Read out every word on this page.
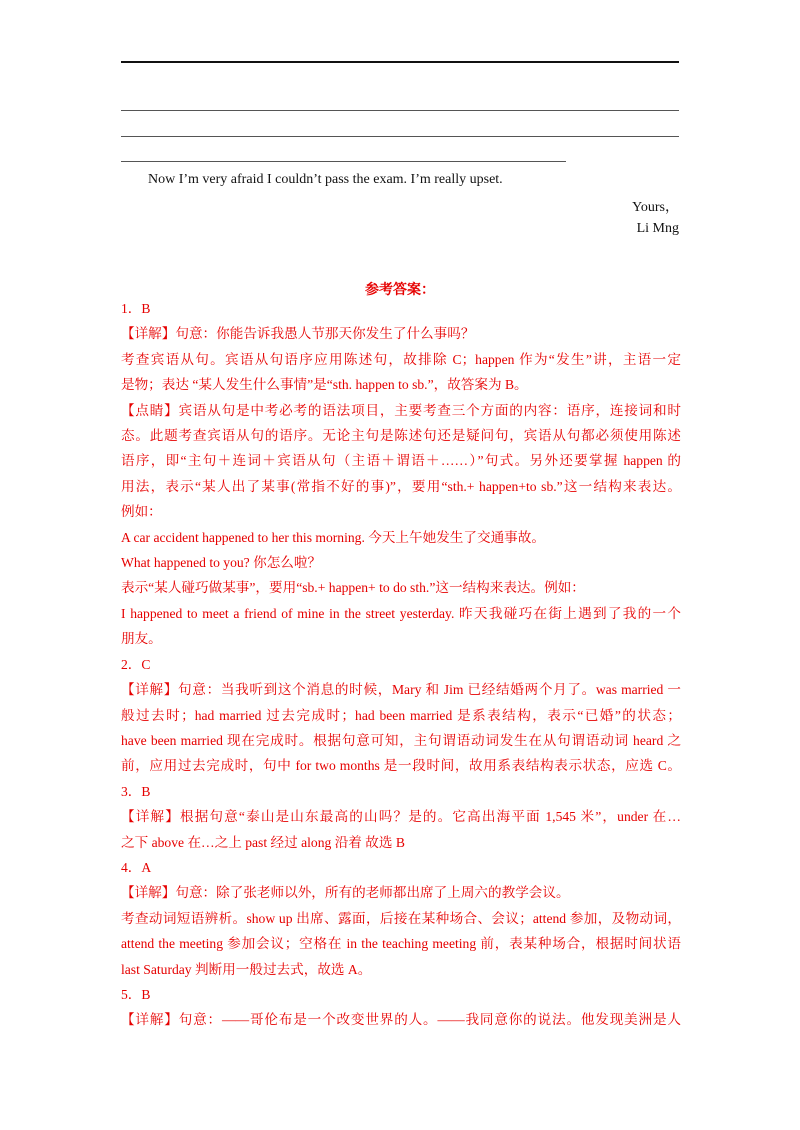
Now I’m very afraid I couldn’t pass the exam. I’m really upset.
Yours，
Li Mng
参考答案：
1．B
【详解】句意：你能告诉我愚人节那天你发生了什么事吗？
考查宾语从句。宾语从句语序应用陈述句，故排除 C；happen 作为“发生”讲，主语一定
是物；表达 “某人发生什么事情”是“sth. happen to sb.”，故答案为 B。
【点睛】宾语从句是中考必考的语法项目，主要考查三个方面的内容：语序，连接词和时
态。此题考查宾语从句的语序。无论主句是陈述句还是疑问句，宾语从句都必须使用陈述
语序，即“主句＋连词＋宾语从句（主语＋谓语＋……）”句式。另外还要掌握 happen 的
用法，表示“某人出了某事(常指不好的事)”，要用“sth.+ happen+to sb.”这一结构来表达。
例如：
A car accident happened to her this morning. 今天上午她发生了交通事故。
What happened to you? 你怎么啦？
表示“某人碰巧做某事”，要用“sb.+ happen+ to do sth.”这一结构来表达。例如：
I happened to meet a friend of mine in the street yesterday. 昨天我碰巧在街上遇到了我的一个
朋友。
2．C
【详解】句意：当我听到这个消息的时候，Mary 和 Jim 已经结婚两个月了。was married 一
般过去时；had married 过去完成时；had been married 是系表结构，表示“已婚”的状态；
have been married 现在完成时。根据句意可知，主句谓语动词发生在从句谓语动词 heard 之
前，应用过去完成时，句中 for two months 是一段时间，故用系表结构表示状态，应选 C。
3．B
【详解】根据句意“泰山是山东最高的山吗？是的。它高出海平面 1,545 米”，under 在…
之下 above 在…之上 past 经过 along 沿着 故选 B
4．A
【详解】句意：除了张老师以外，所有的老师都出席了上周六的教学会议。
考查动词短语辨析。show up 出席、露面，后接在某种场合、会议；attend 参加，及物动词，
attend the meeting 参加会议；空格在 in the teaching meeting 前，表某种场合，根据时间状语
last Saturday 判断用一般过去式，故选 A。
5．B
【详解】句意：——哥伦布是一个改变世界的人。——我同意你的说法。他发现美洲是人
